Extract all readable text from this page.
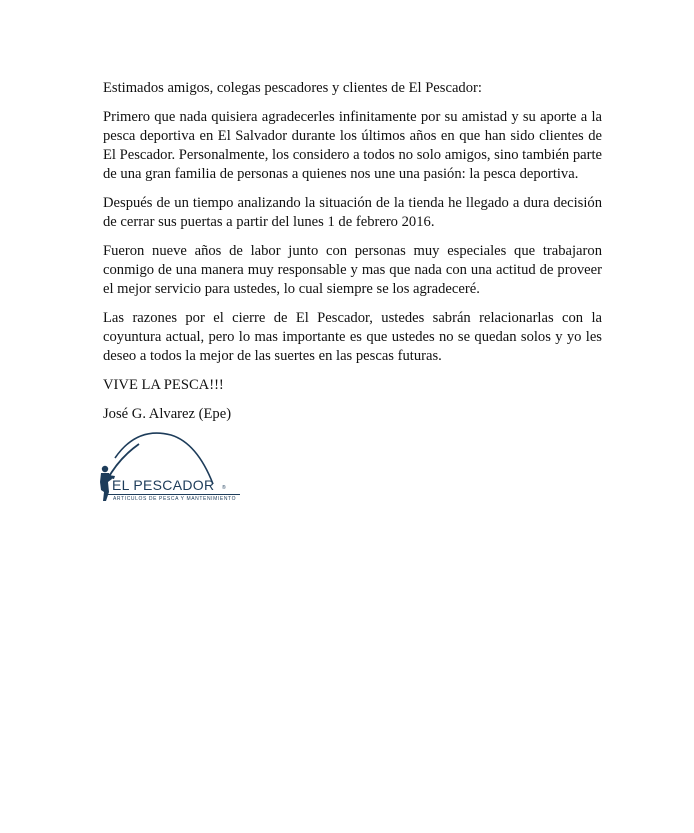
Estimados amigos, colegas pescadores y clientes de El Pescador:

Primero que nada quisiera agradecerles infinitamente por su amistad y su aporte a la pesca deportiva en El Salvador durante los últimos años en que han sido clientes de El Pescador. Personalmente, los considero a todos no solo amigos, sino también parte de una gran familia de personas a quienes nos une una pasión: la pesca deportiva.

Después de un tiempo analizando la situación de la tienda he llegado a dura decisión de cerrar sus puertas a partir del lunes 1 de febrero 2016.

Fueron nueve años de labor junto con personas muy especiales que trabajaron conmigo de una manera muy responsable y mas que nada con una actitud de proveer el mejor servicio para ustedes, lo cual siempre se los agradeceré.

Las razones por el cierre de El Pescador, ustedes sabrán relacionarlas con la coyuntura actual, pero lo mas importante es que ustedes no se quedan solos y yo les deseo a todos la mejor de las suertes en las pescas futuras.

VIVE LA PESCA!!!

José G. Alvarez (Epe)

EL PESCADOR ®
ARTICULOS DE PESCA Y MANTENIMIENTO
